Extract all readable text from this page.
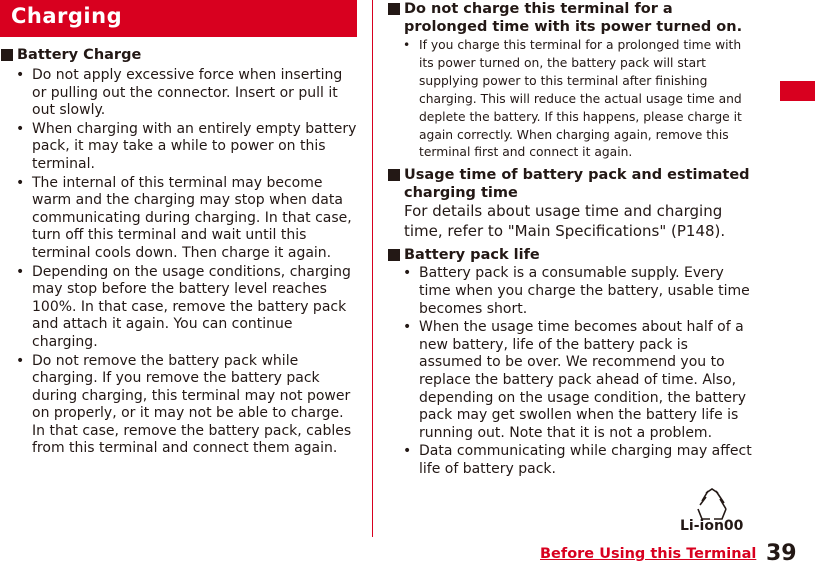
Charging
Battery Charge
• Do not apply excessive force when inserting or pulling out the connector. Insert or pull it out slowly.
• When charging with an entirely empty battery pack, it may take a while to power on this terminal.
• The internal of this terminal may become warm and the charging may stop when data communicating during charging. In that case, turn off this terminal and wait until this terminal cools down. Then charge it again.
• Depending on the usage conditions, charging may stop before the battery level reaches 100%. In that case, remove the battery pack and attach it again. You can continue charging.
• Do not remove the battery pack while charging. If you remove the battery pack during charging, this terminal may not power on properly, or it may not be able to charge. In that case, remove the battery pack, cables from this terminal and connect them again.
Do not charge this terminal for a prolonged time with its power turned on.
• If you charge this terminal for a prolonged time with its power turned on, the battery pack will start supplying power to this terminal after finishing charging. This will reduce the actual usage time and deplete the battery. If this happens, please charge it again correctly. When charging again, remove this terminal first and connect it again.
Usage time of battery pack and estimated charging time
For details about usage time and charging time, refer to "Main Specifications" (P148).
Battery pack life
• Battery pack is a consumable supply. Every time when you charge the battery, usable time becomes short.
• When the usage time becomes about half of a new battery, life of the battery pack is assumed to be over. We recommend you to replace the battery pack ahead of time. Also, depending on the usage condition, the battery pack may get swollen when the battery life is running out. Note that it is not a problem.
• Data communicating while charging may affect life of battery pack.
Li-ion00
Before Using this Terminal 39
